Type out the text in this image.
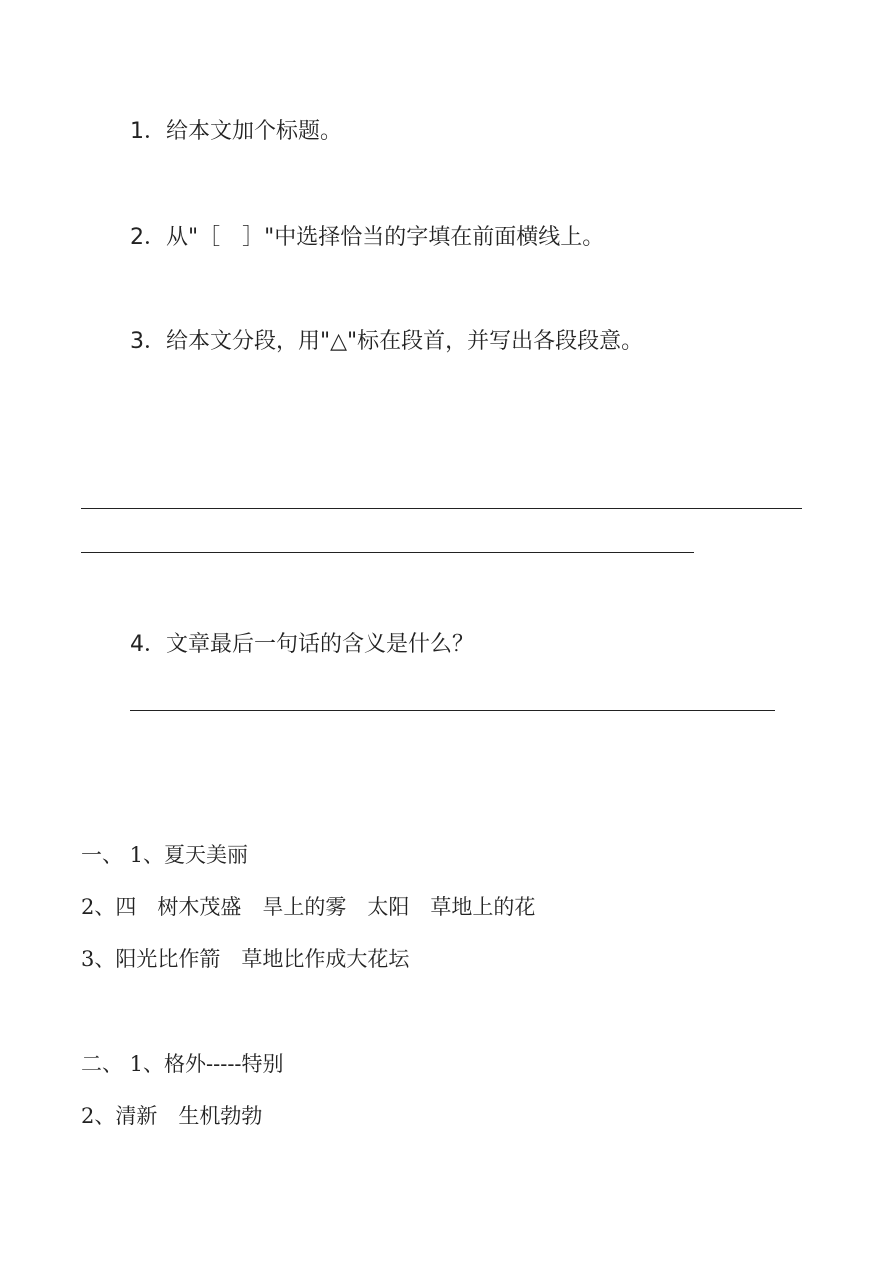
1．给本文加个标题。
2．从"［　］"中选择恰当的字填在前面横线上。
3．给本文分段，用"△"标在段首，并写出各段段意。
4．文章最后一句话的含义是什么？
一、 1、夏天美丽
2、四　树木茂盛　旱上的雾　太阳　草地上的花
3、阳光比作箭　草地比作成大花坛
二、 1、格外-----特别
2、清新　生机勃勃
